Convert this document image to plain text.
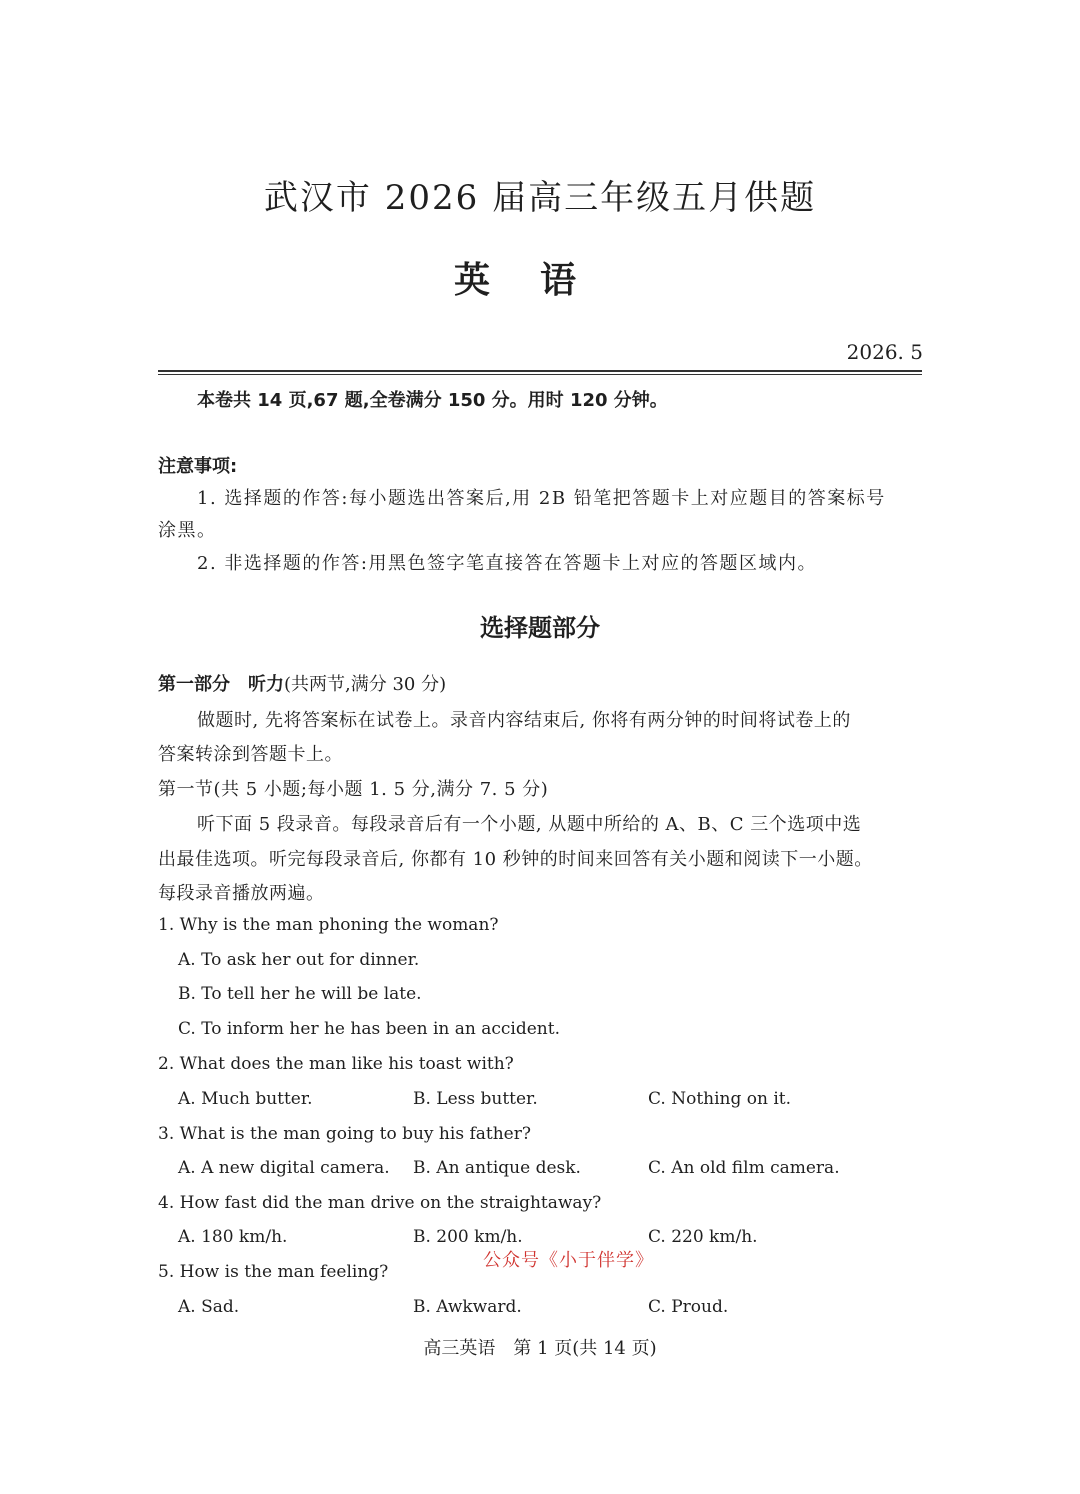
武汉市 2026 届高三年级五月供题
英语
2026. 5
本卷共 14 页,67 题,全卷满分 150 分。用时 120 分钟。
注意事项:
1. 选择题的作答:每小题选出答案后,用 2B 铅笔把答题卡上对应题目的答案标号
涂黑。
2. 非选择题的作答:用黑色签字笔直接答在答题卡上对应的答题区域内。
选择题部分
第一部分　听力(共两节,满分 30 分)
做题时, 先将答案标在试卷上。录音内容结束后, 你将有两分钟的时间将试卷上的
答案转涂到答题卡上。
第一节(共 5 小题;每小题 1. 5 分,满分 7. 5 分)
听下面 5 段录音。每段录音后有一个小题, 从题中所给的 A、B、C 三个选项中选
出最佳选项。听完每段录音后, 你都有 10 秒钟的时间来回答有关小题和阅读下一小题。
每段录音播放两遍。
1. Why is the man phoning the woman?
A. To ask her out for dinner.
B. To tell her he will be late.
C. To inform her he has been in an accident.
2. What does the man like his toast with?
A. Much butter.	B. Less butter.	C. Nothing on it.
3. What is the man going to buy his father?
A. A new digital camera. B. An antique desk.	C. An old film camera.
4. How fast did the man drive on the straightaway?
A. 180 km/h.	B. 200 km/h.	C. 220 km/h.
公众号《小于伴学》
5. How is the man feeling?
A. Sad.	B. Awkward.	C. Proud.
高三英语　第 1 页(共 14 页)
